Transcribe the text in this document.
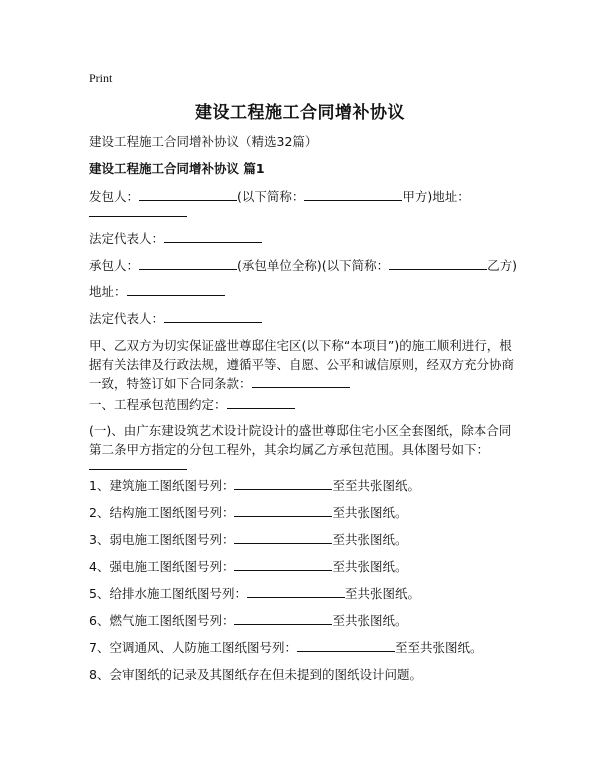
Print
建设工程施工合同增补协议
建设工程施工合同增补协议（精选32篇）
建设工程施工合同增补协议 篇1
发包人：	(以下简称：	甲方)地址：
法定代表人：
承包人：	(承包单位全称)(以下简称：	乙方)
地址：
法定代表人：
甲、乙双方为切实保证盛世尊邸住宅区(以下称“本项目”)的施工顺利进行，根据有关法律及行政法规，遵循平等、自愿、公平和诚信原则，经双方充分协商一致，特签订如下合同条款：
一、工程承包范围约定：
(一)、由广东建设筑艺术设计院设计的盛世尊邸住宅小区全套图纸，除本合同第二条甲方指定的分包工程外，其余均属乙方承包范围。具体图号如下：
1、建筑施工图纸图号列：	至至共张图纸。
2、结构施工图纸图号列：	至共张图纸。
3、弱电施工图纸图号列：	至共张图纸。
4、强电施工图纸图号列：	至共张图纸。
5、给排水施工图纸图号列：	至共张图纸。
6、燃气施工图纸图号列：	至共张图纸。
7、空调通风、人防施工图纸图号列：	至至共张图纸。
8、会审图纸的记录及其图纸存在但未提到的图纸设计问题。
